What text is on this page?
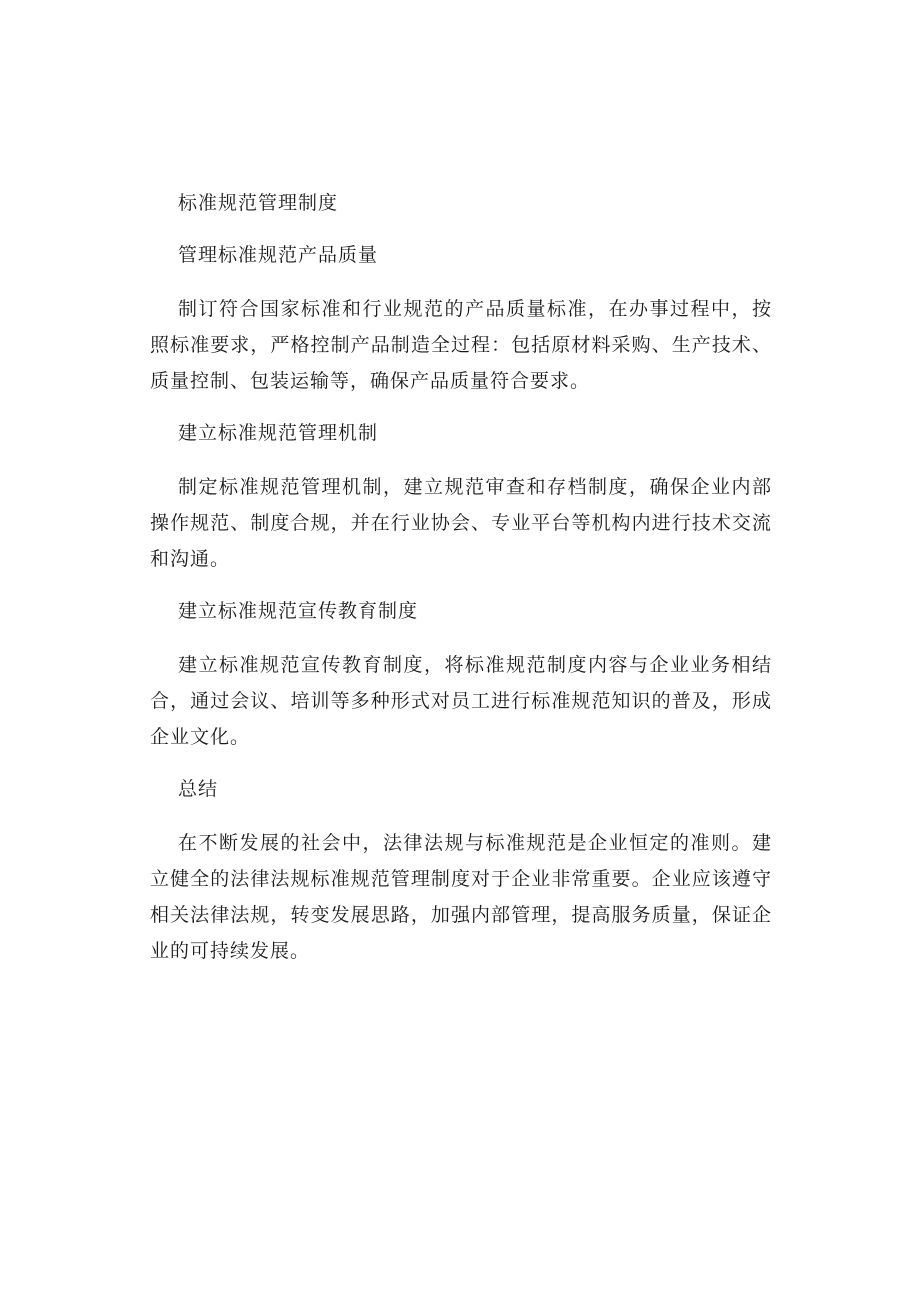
标准规范管理制度
管理标准规范产品质量
制订符合国家标准和行业规范的产品质量标准，在办事过程中，按照标准要求，严格控制产品制造全过程：包括原材料采购、生产技术、质量控制、包装运输等，确保产品质量符合要求。
建立标准规范管理机制
制定标准规范管理机制，建立规范审查和存档制度，确保企业内部操作规范、制度合规，并在行业协会、专业平台等机构内进行技术交流和沟通。
建立标准规范宣传教育制度
建立标准规范宣传教育制度，将标准规范制度内容与企业业务相结合，通过会议、培训等多种形式对员工进行标准规范知识的普及，形成企业文化。
总结
在不断发展的社会中，法律法规与标准规范是企业恒定的准则。建立健全的法律法规标准规范管理制度对于企业非常重要。企业应该遵守相关法律法规，转变发展思路，加强内部管理，提高服务质量，保证企业的可持续发展。
